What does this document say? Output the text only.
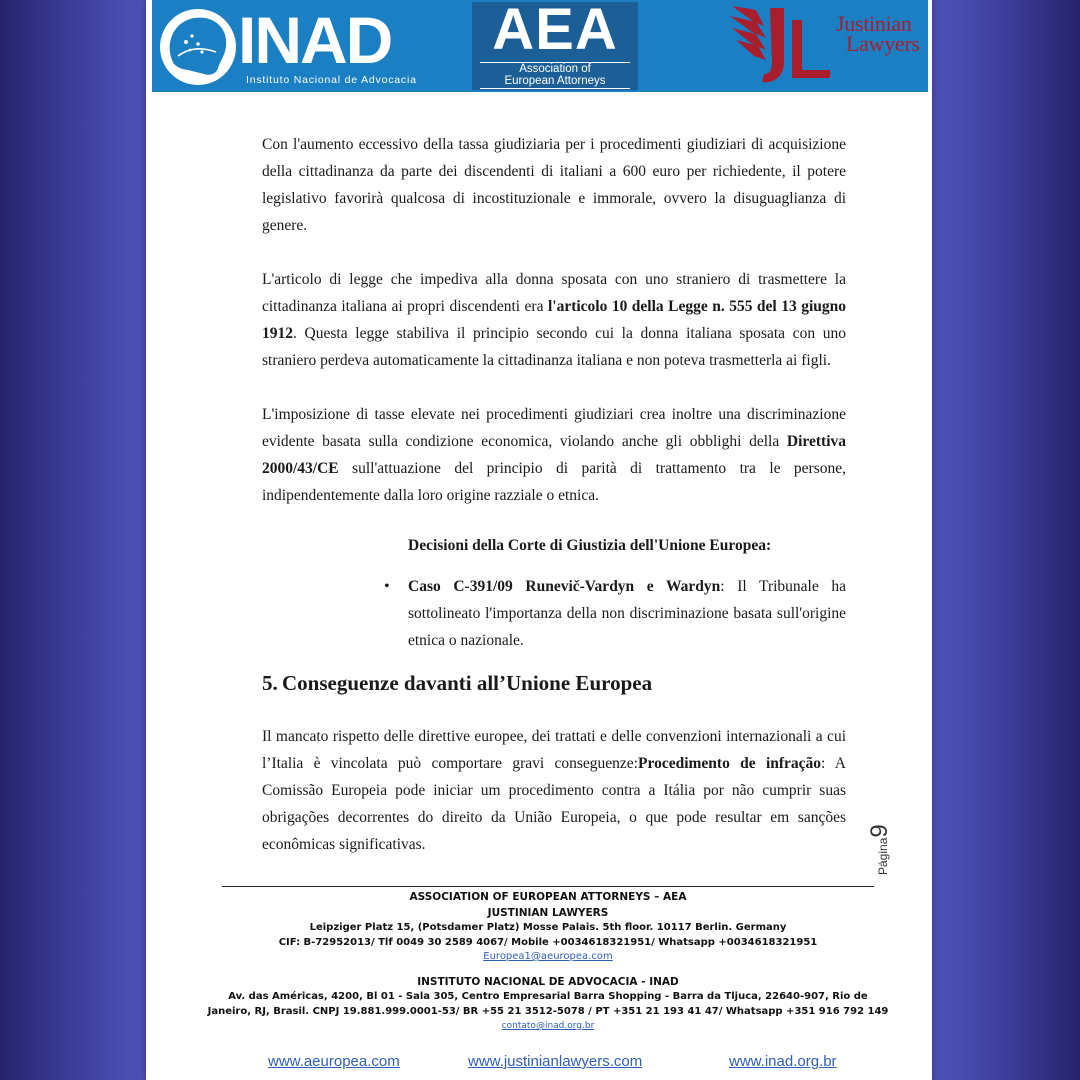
INAD
Instituto Nacional de Advocacia
AEA
Association of
European Attorneys
Justinian
Lawyers

Con l'aumento eccessivo della tassa giudiziaria per i procedimenti giudiziari di acquisizione della cittadinanza da parte dei discendenti di italiani a 600 euro per richiedente, il potere legislativo favorirà qualcosa di incostituzionale e immorale, ovvero la disuguaglianza di genere.

L'articolo di legge che impediva alla donna sposata con uno straniero di trasmettere la cittadinanza italiana ai propri discendenti era l'articolo 10 della Legge n. 555 del 13 giugno 1912. Questa legge stabiliva il principio secondo cui la donna italiana sposata con uno straniero perdeva automaticamente la cittadinanza italiana e non poteva trasmetterla ai figli.

L'imposizione di tasse elevate nei procedimenti giudiziari crea inoltre una discriminazione evidente basata sulla condizione economica, violando anche gli obblighi della Direttiva 2000/43/CE sull'attuazione del principio di parità di trattamento tra le persone, indipendentemente dalla loro origine razziale o etnica.

Decisioni della Corte di Giustizia dell'Unione Europea:
• Caso C-391/09 Runevič-Vardyn e Wardyn: Il Tribunale ha sottolineato l'importanza della non discriminazione basata sull'origine etnica o nazionale.
5. Conseguenze davanti all’Unione Europea

Il mancato rispetto delle direttive europee, dei trattati e delle convenzioni internazionali a cui l’Italia è vincolata può comportare gravi conseguenze:Procedimento de infração: A Comissão Europeia pode iniciar um procedimento contra a Itália por não cumprir suas obrigações decorrentes do direito da União Europeia, o que pode resultar em sanções econômicas significativas.	Página9
ASSOCIATION OF EUROPEAN ATTORNEYS – AEA
JUSTINIAN LAWYERS
Leipziger Platz 15, (Potsdamer Platz) Mosse Palais. 5th floor. 10117 Berlin. Germany
CIF: B-72952013/ Tlf 0049 30 2589 4067/ Mobile +0034618321951/ Whatsapp +0034618321951
Europea1@aeuropea.com
INSTITUTO NACIONAL DE ADVOCACIA - INAD
Av. das Américas, 4200, Bl 01 - Sala 305, Centro Empresarial Barra Shopping - Barra da Tljuca, 22640-907, Rio de Janeiro, RJ, Brasil. CNPJ 19.881.999.0001-53/ BR +55 21 3512-5078 / PT +351 21 193 41 47/ Whatsapp +351 916 792 149
contato@inad.org.br
www.aeuropea.com	www.justinianlawyers.com	www.inad.org.br
